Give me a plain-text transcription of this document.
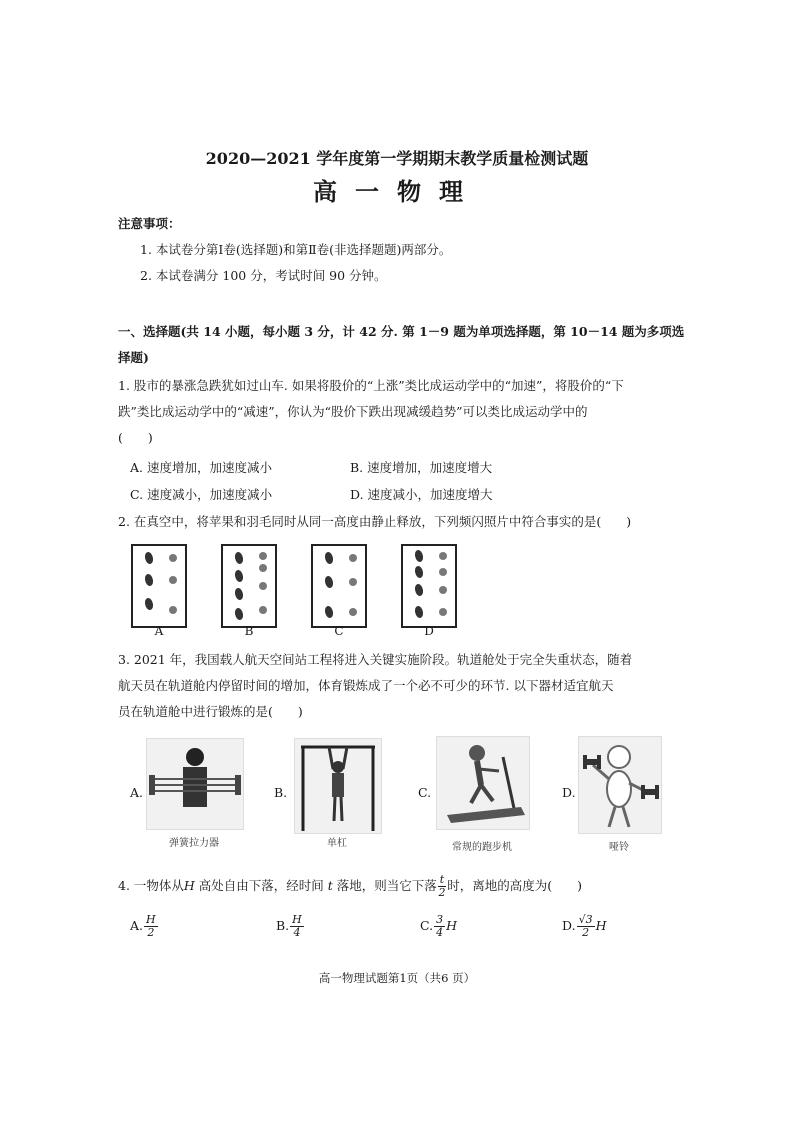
2020—2021 学年度第一学期期末教学质量检测试题
高一物理
注意事项：
1. 本试卷分第Ⅰ卷(选择题)和第Ⅱ卷(非选择题题)两部分。
2. 本试卷满分 100 分，考试时间 90 分钟。
一、选择题(共 14 小题，每小题 3 分，计 42 分. 第 1－9 题为单项选择题，第 10－14 题为多项选
择题)
1. 股市的暴涨急跌犹如过山车. 如果将股价的“上涨”类比成运动学中的“加速”，将股价的“下
跌”类比成运动学中的“减速”，你认为“股价下跌出现减缓趋势”可以类比成运动学中的
(　　)
A. 速度增加，加速度减小	B. 速度增加，加速度增大
C. 速度减小，加速度减小	D. 速度减小，加速度增大
2. 在真空中，将苹果和羽毛同时从同一高度由静止释放，下列频闪照片中符合事实的是(　　)
A	B	C	D
3. 2021 年，我国载人航天空间站工程将进入关键实施阶段。轨道舱处于完全失重状态，随着
航天员在轨道舱内停留时间的增加，体育锻炼成了一个必不可少的环节. 以下器材适宜航天
员在轨道舱中进行锻炼的是(　　)
A.
弹簧拉力器
B.
单杠
C.
常规的跑步机
D.
哑铃
4. 一物体从H 高处自由下落，经时间 t 落地，则当它下落 $\frac{t}{2}$ 时，离地的高度为(　　)
A. $\frac{H}{2}$	B. $\frac{H}{4}$	C. $\frac{3}{4}$ H	D. $\frac{√3}{2}$ H
高一物理试题第1页（共6 页）
